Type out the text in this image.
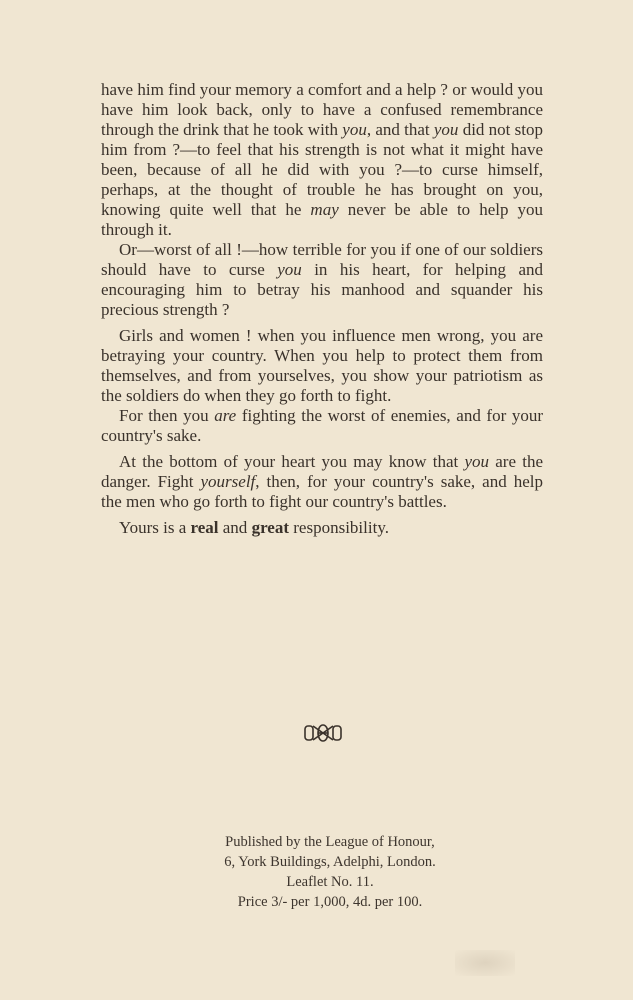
have him find your memory a comfort and a help ? or would you have him look back, only to have a confused remembrance through the drink that he took with you, and that you did not stop him from ?—to feel that his strength is not what it might have been, because of all he did with you ?—to curse himself, perhaps, at the thought of trouble he has brought on you, knowing quite well that he may never be able to help you through it.

Or—worst of all !—how terrible for you if one of our soldiers should have to curse you in his heart, for helping and encouraging him to betray his manhood and squander his precious strength ?

Girls and women ! when you influence men wrong, you are betraying your country. When you help to protect them from themselves, and from yourselves, you show your patriotism as the soldiers do when they go forth to fight.

For then you are fighting the worst of enemies, and for your country's sake.

At the bottom of your heart you may know that you are the danger. Fight yourself, then, for your country's sake, and help the men who go forth to fight our country's battles.

Yours is a real and great responsibility.

Published by the League of Honour,
6, York Buildings, Adelphi, London.
Leaflet No. 11.
Price 3/- per 1,000, 4d. per 100.
